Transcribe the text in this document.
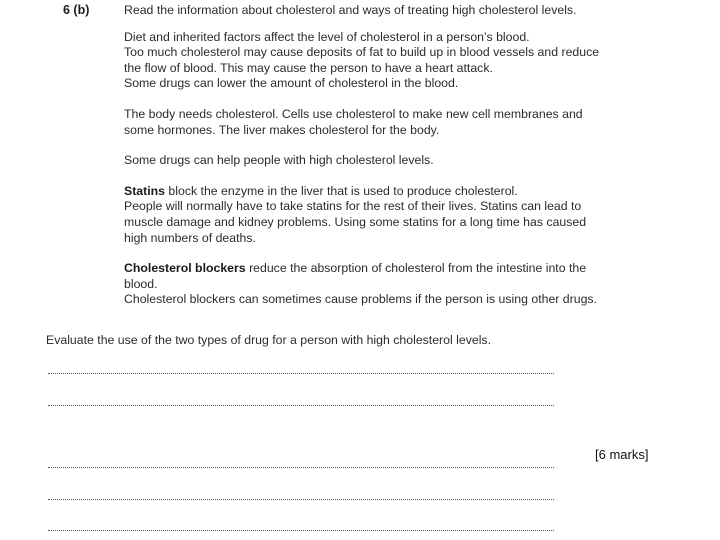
6 (b)	Read the information about cholesterol and ways of treating high cholesterol levels.
Diet and inherited factors affect the level of cholesterol in a person’s blood.
Too much cholesterol may cause deposits of fat to build up in blood vessels and reduce
the flow of blood. This may cause the person to have a heart attack.
Some drugs can lower the amount of cholesterol in the blood.
The body needs cholesterol. Cells use cholesterol to make new cell membranes and
some hormones. The liver makes cholesterol for the body.
Some drugs can help people with high cholesterol levels.
Statins block the enzyme in the liver that is used to produce cholesterol.
People will normally have to take statins for the rest of their lives. Statins can lead to
muscle damage and kidney problems. Using some statins for a long time has caused
high numbers of deaths.
Cholesterol blockers reduce the absorption of cholesterol from the intestine into the
blood.
Cholesterol blockers can sometimes cause problems if the person is using other drugs.
Evaluate the use of the two types of drug for a person with high cholesterol levels.
[6 marks]
